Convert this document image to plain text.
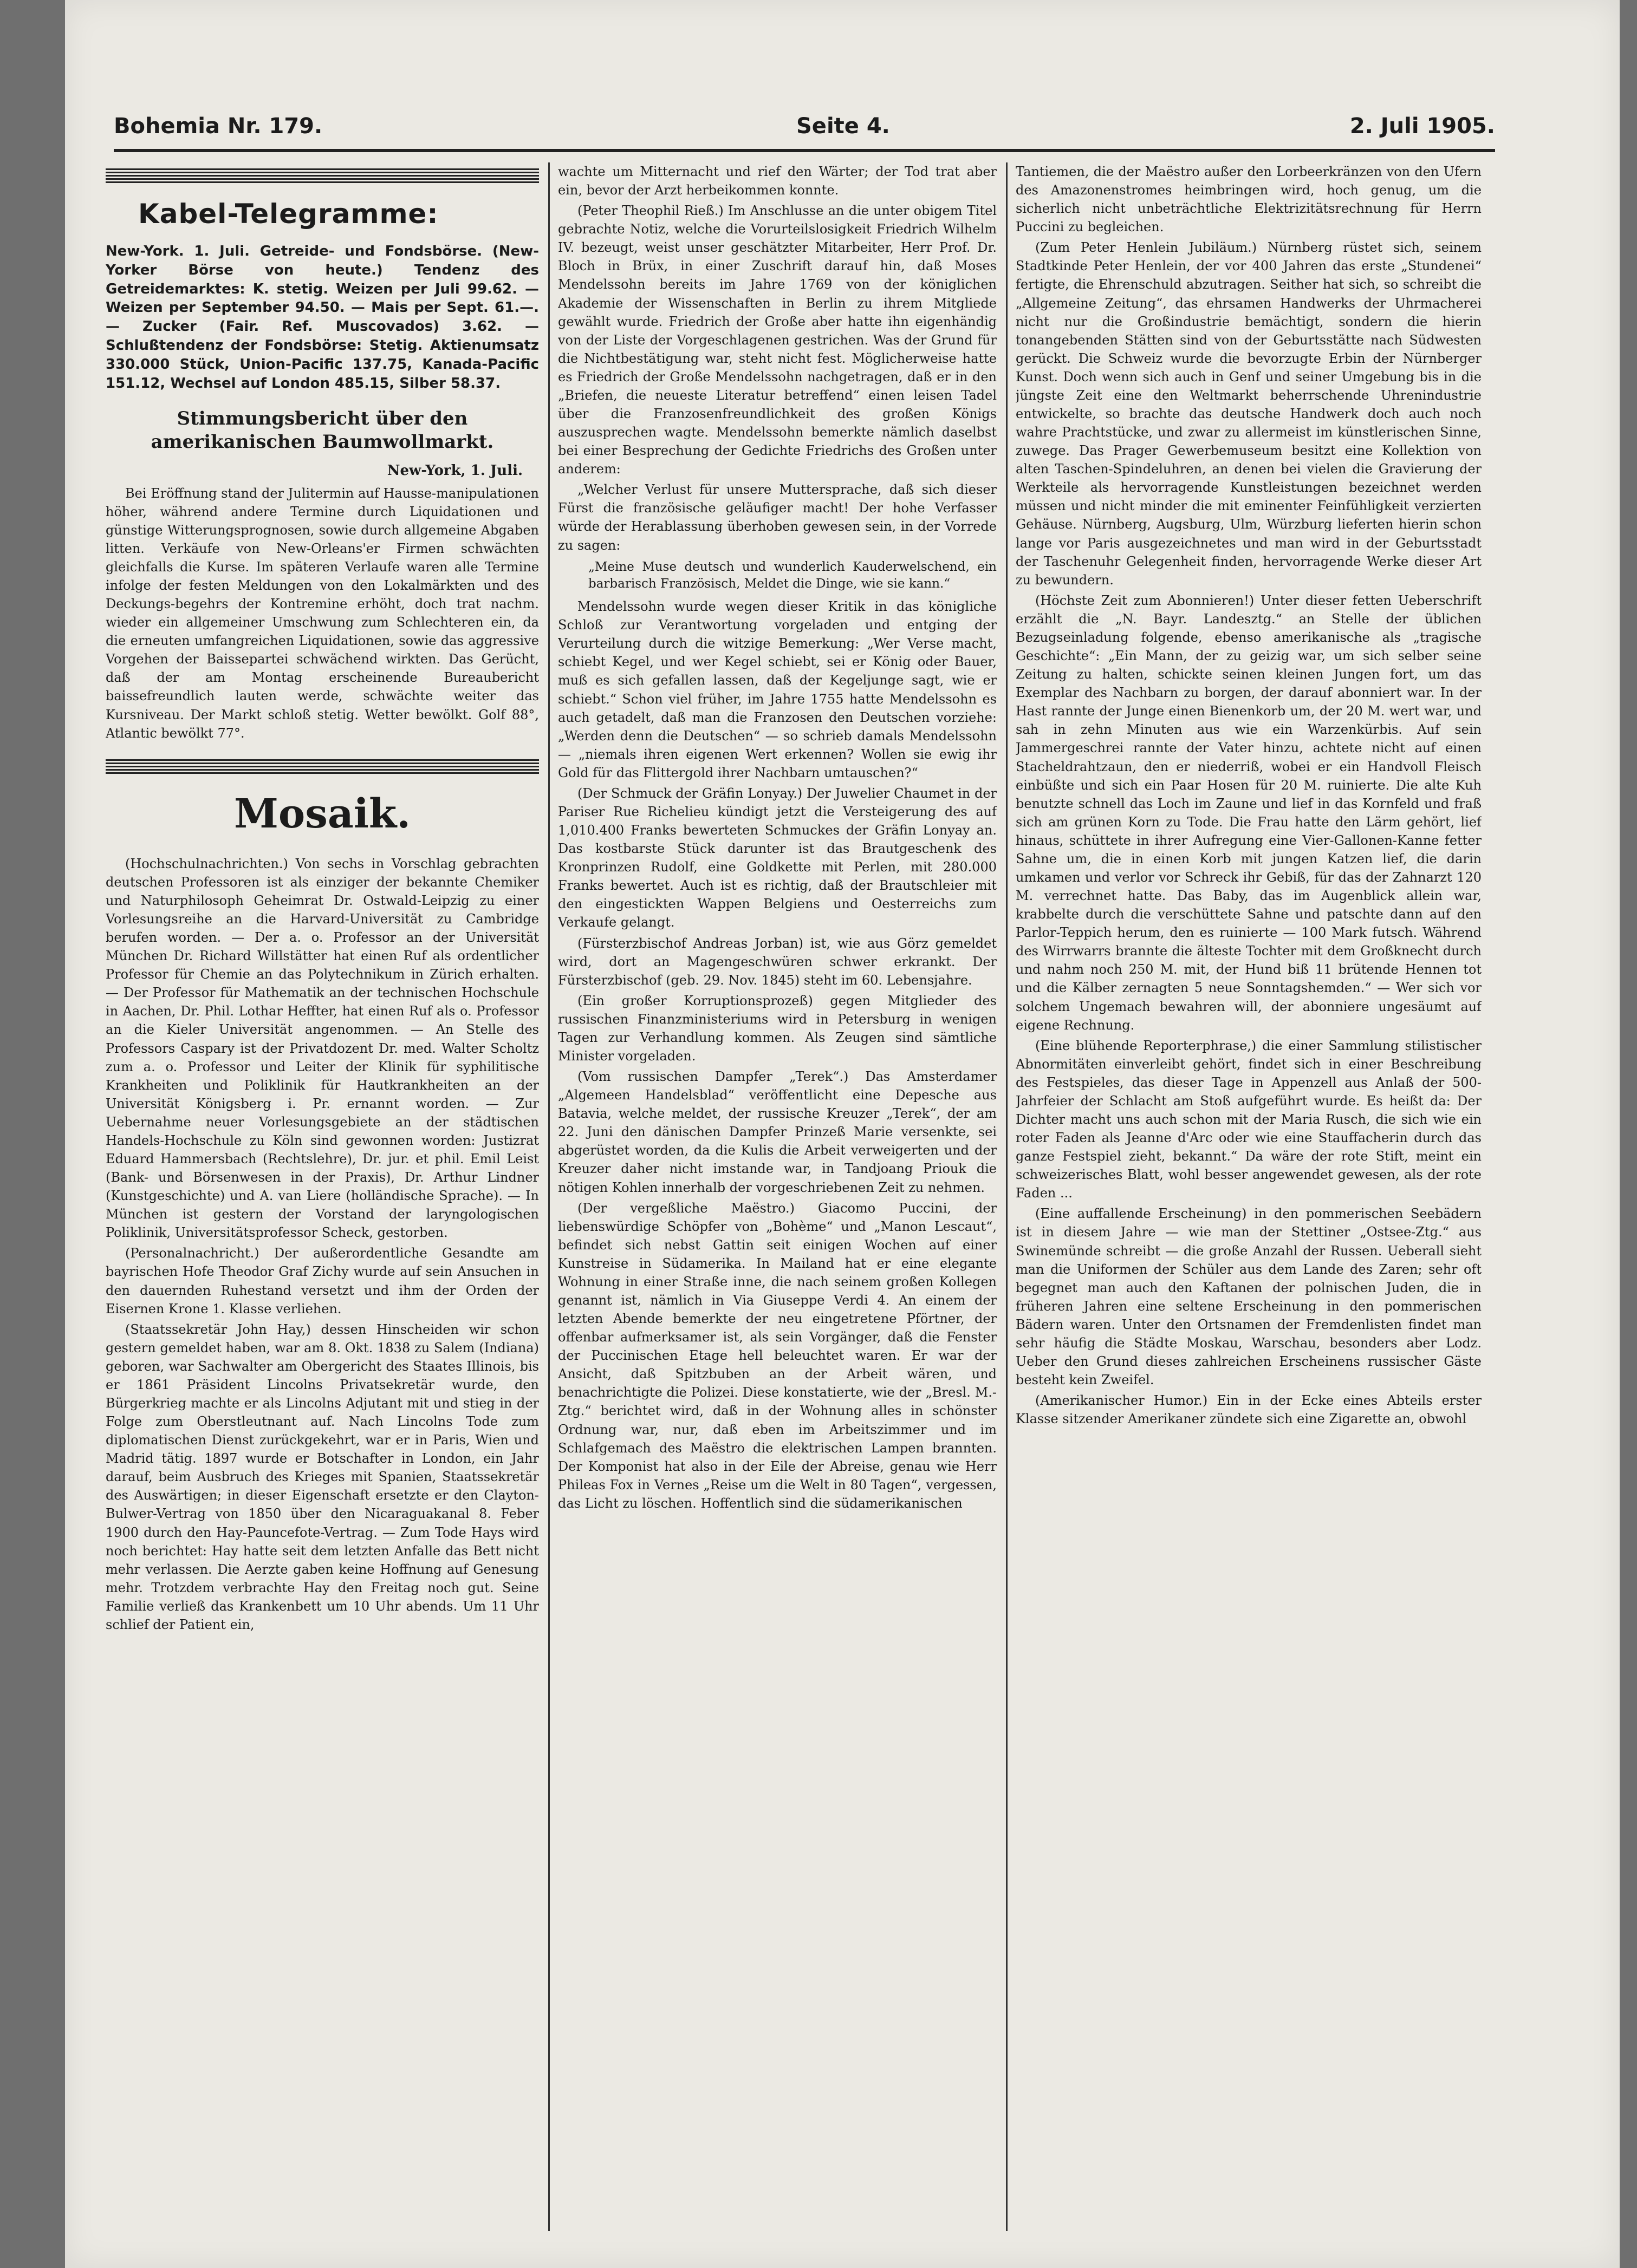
Bohemia Nr. 179.	Seite 4.	2. Juli 1905.
Kabel-Telegramme:
New-York. 1. Juli. Getreide- und Fondsbörse. (New-Yorker Börse von heute.) Tendenz des Getreidemarktes: K. stetig. Weizen per Juli 99.62. — Weizen per September 94.50. — Mais per Sept. 61.—. — Zucker (Fair. Ref. Muscovados) 3.62. — Schlußtendenz der Fondsbörse: Stetig. Aktienumsatz 330.000 Stück, Union-Pacific 137.75, Kanada-Pacific 151.12, Wechsel auf London 485.15, Silber 58.37.
Stimmungsbericht über den amerikanischen Baumwollmarkt.
New-York, 1. Juli.

Bei Eröffnung stand der Julitermin auf Hausse-manipulationen höher, während andere Termine durch Liquidationen und günstige Witterungsprognosen, sowie durch allgemeine Abgaben litten. Verkäufe von New-Orleans'er Firmen schwächten gleichfalls die Kurse. Im späteren Verlaufe waren alle Termine infolge der festen Meldungen von den Lokalmärkten und des Deckungs-begehrs der Kontremine erhöht, doch trat nachm. wieder ein allgemeiner Umschwung zum Schlechteren ein, da die erneuten umfangreichen Liquidationen, sowie das aggressive Vorgehen der Baissepartei schwächend wirkten. Das Gerücht, daß der am Montag erscheinende Bureaubericht baissefreundlich lauten werde, schwächte weiter das Kursniveau. Der Markt schloß stetig. Wetter bewölkt. Golf 88°, Atlantic bewölkt 77°.

Mosaik.

(Hochschulnachrichten.) Von sechs in Vorschlag gebrachten deutschen Professoren ist als einziger der bekannte Chemiker und Naturphilosoph Geheimrat Dr. Ostwald-Leipzig zu einer Vorlesungsreihe an die Harvard-Universität zu Cambridge berufen worden. — Der a. o. Professor an der Universität München Dr. Richard Willstätter hat einen Ruf als ordentlicher Professor für Chemie an das Polytechnikum in Zürich erhalten. — Der Professor für Mathematik an der technischen Hochschule in Aachen, Dr. Phil. Lothar Heffter, hat einen Ruf als o. Professor an die Kieler Universität angenommen. — An Stelle des Professors Caspary ist der Privatdozent Dr. med. Walter Scholtz zum a. o. Professor und Leiter der Klinik für syphilitische Krankheiten und Poliklinik für Hautkrankheiten an der Universität Königsberg i. Pr. ernannt worden. — Zur Uebernahme neuer Vorlesungsgebiete an der städtischen Handels-Hochschule zu Köln sind gewonnen worden: Justizrat Eduard Hammersbach (Rechtslehre), Dr. jur. et phil. Emil Leist (Bank- und Börsenwesen in der Praxis), Dr. Arthur Lindner (Kunstgeschichte) und A. van Liere (holländische Sprache). — In München ist gestern der Vorstand der laryngologischen Poliklinik, Universitätsprofessor Scheck, gestorben.

(Personalnachricht.) Der außerordentliche Gesandte am bayrischen Hofe Theodor Graf Zichy wurde auf sein Ansuchen in den dauernden Ruhestand versetzt und ihm der Orden der Eisernen Krone 1. Klasse verliehen.

(Staatssekretär John Hay,) dessen Hinscheiden wir schon gestern gemeldet haben, war am 8. Okt. 1838 zu Salem (Indiana) geboren, war Sachwalter am Obergericht des Staates Illinois, bis er 1861 Präsident Lincolns Privatsekretär wurde, den Bürgerkrieg machte er als Lincolns Adjutant mit und stieg in der Folge zum Oberstleutnant auf. Nach Lincolns Tode zum diplomatischen Dienst zurückgekehrt, war er in Paris, Wien und Madrid tätig. 1897 wurde er Botschafter in London, ein Jahr darauf, beim Ausbruch des Krieges mit Spanien, Staatssekretär des Auswärtigen; in dieser Eigenschaft ersetzte er den Clayton-Bulwer-Vertrag von 1850 über den Nicaraguakanal 8. Feber 1900 durch den Hay-Pauncefote-Vertrag. — Zum Tode Hays wird noch berichtet: Hay hatte seit dem letzten Anfalle das Bett nicht mehr verlassen. Die Aerzte gaben keine Hoffnung auf Genesung mehr. Trotzdem verbrachte Hay den Freitag noch gut. Seine Familie verließ das Krankenbett um 10 Uhr abends. Um 11 Uhr schlief der Patient ein,

wachte um Mitternacht und rief den Wärter; der Tod trat aber ein, bevor der Arzt herbeikommen konnte.

(Peter Theophil Rieß.) Im Anschlusse an die unter obigem Titel gebrachte Notiz, welche die Vorurteilslosigkeit Friedrich Wilhelm IV. bezeugt, weist unser geschätzter Mitarbeiter, Herr Prof. Dr. Bloch in Brüx, in einer Zuschrift darauf hin, daß Moses Mendelssohn bereits im Jahre 1769 von der königlichen Akademie der Wissenschaften in Berlin zu ihrem Mitgliede gewählt wurde. Friedrich der Große aber hatte ihn eigenhändig von der Liste der Vorgeschlagenen gestrichen. Was der Grund für die Nichtbestätigung war, steht nicht fest. Möglicherweise hatte es Friedrich der Große Mendelssohn nachgetragen, daß er in den „Briefen, die neueste Literatur betreffend“ einen leisen Tadel über die Franzosenfreundlichkeit des großen Königs auszusprechen wagte. Mendelssohn bemerkte nämlich daselbst bei einer Besprechung der Gedichte Friedrichs des Großen unter anderem:

„Welcher Verlust für unsere Muttersprache, daß sich dieser Fürst die französische geläufiger macht! Der hohe Verfasser würde der Herablassung überhoben gewesen sein, in der Vorrede zu sagen:

„Meine Muse deutsch und wunderlich Kauderwelschend, ein barbarisch Französisch, Meldet die Dinge, wie sie kann.“

Mendelssohn wurde wegen dieser Kritik in das königliche Schloß zur Verantwortung vorgeladen und entging der Verurteilung durch die witzige Bemerkung: „Wer Verse macht, schiebt Kegel, und wer Kegel schiebt, sei er König oder Bauer, muß es sich gefallen lassen, daß der Kegeljunge sagt, wie er schiebt.“ Schon viel früher, im Jahre 1755 hatte Mendelssohn es auch getadelt, daß man die Franzosen den Deutschen vorziehe: „Werden denn die Deutschen“ — so schrieb damals Mendelssohn — „niemals ihren eigenen Wert erkennen? Wollen sie ewig ihr Gold für das Flittergold ihrer Nachbarn umtauschen?“

(Der Schmuck der Gräfin Lonyay.) Der Juwelier Chaumet in der Pariser Rue Richelieu kündigt jetzt die Versteigerung des auf 1,010.400 Franks bewerteten Schmuckes der Gräfin Lonyay an. Das kostbarste Stück darunter ist das Brautgeschenk des Kronprinzen Rudolf, eine Goldkette mit Perlen, mit 280.000 Franks bewertet. Auch ist es richtig, daß der Brautschleier mit den eingestickten Wappen Belgiens und Oesterreichs zum Verkaufe gelangt.

(Fürsterzbischof Andreas Jorban) ist, wie aus Görz gemeldet wird, dort an Magengeschwüren schwer erkrankt. Der Fürsterzbischof (geb. 29. Nov. 1845) steht im 60. Lebensjahre.

(Ein großer Korruptionsprozeß) gegen Mitglieder des russischen Finanzministeriums wird in Petersburg in wenigen Tagen zur Verhandlung kommen. Als Zeugen sind sämtliche Minister vorgeladen.

(Vom russischen Dampfer „Terek“.) Das Amsterdamer „Algemeen Handelsblad“ veröffentlicht eine Depesche aus Batavia, welche meldet, der russische Kreuzer „Terek“, der am 22. Juni den dänischen Dampfer Prinzeß Marie versenkte, sei abgerüstet worden, da die Kulis die Arbeit verweigerten und der Kreuzer daher nicht imstande war, in Tandjoang Priouk die nötigen Kohlen innerhalb der vorgeschriebenen Zeit zu nehmen.

(Der vergeßliche Maëstro.) Giacomo Puccini, der liebenswürdige Schöpfer von „Bohème“ und „Manon Lescaut“, befindet sich nebst Gattin seit einigen Wochen auf einer Kunstreise in Südamerika. In Mailand hat er eine elegante Wohnung in einer Straße inne, die nach seinem großen Kollegen genannt ist, nämlich in Via Giuseppe Verdi 4. An einem der letzten Abende bemerkte der neu eingetretene Pförtner, der offenbar aufmerksamer ist, als sein Vorgänger, daß die Fenster der Puccinischen Etage hell beleuchtet waren. Er war der Ansicht, daß Spitzbuben an der Arbeit wären, und benachrichtigte die Polizei. Diese konstatierte, wie der „Bresl. M.-Ztg.“ berichtet wird, daß in der Wohnung alles in schönster Ordnung war, nur, daß eben im Arbeitszimmer und im Schlafgemach des Maëstro die elektrischen Lampen brannten. Der Komponist hat also in der Eile der Abreise, genau wie Herr Phileas Fox in Vernes „Reise um die Welt in 80 Tagen“, vergessen, das Licht zu löschen. Hoffentlich sind die südamerikanischen

Tantiemen, die der Maëstro außer den Lorbeerkränzen von den Ufern des Amazonenstromes heimbringen wird, hoch genug, um die sicherlich nicht unbeträchtliche Elektrizitätsrechnung für Herrn Puccini zu begleichen.

(Zum Peter Henlein Jubiläum.) Nürnberg rüstet sich, seinem Stadtkinde Peter Henlein, der vor 400 Jahren das erste „Stundenei“ fertigte, die Ehrenschuld abzutragen. Seither hat sich, so schreibt die „Allgemeine Zeitung“, das ehrsamen Handwerks der Uhrmacherei nicht nur die Großindustrie bemächtigt, sondern die hierin tonangebenden Stätten sind von der Geburtsstätte nach Südwesten gerückt. Die Schweiz wurde die bevorzugte Erbin der Nürnberger Kunst. Doch wenn sich auch in Genf und seiner Umgebung bis in die jüngste Zeit eine den Weltmarkt beherrschende Uhrenindustrie entwickelte, so brachte das deutsche Handwerk doch auch noch wahre Prachtstücke, und zwar zu allermeist im künstlerischen Sinne, zuwege. Das Prager Gewerbemuseum besitzt eine Kollektion von alten Taschen-Spindeluhren, an denen bei vielen die Gravierung der Werkteile als hervorragende Kunstleistungen bezeichnet werden müssen und nicht minder die mit eminenter Feinfühligkeit verzierten Gehäuse. Nürnberg, Augsburg, Ulm, Würzburg lieferten hierin schon lange vor Paris ausgezeichnetes und man wird in der Geburtsstadt der Taschenuhr Gelegenheit finden, hervorragende Werke dieser Art zu bewundern.

(Höchste Zeit zum Abonnieren!) Unter dieser fetten Ueberschrift erzählt die „N. Bayr. Landesztg.“ an Stelle der üblichen Bezugseinladung folgende, ebenso amerikanische als „tragische Geschichte“: „Ein Mann, der zu geizig war, um sich selber seine Zeitung zu halten, schickte seinen kleinen Jungen fort, um das Exemplar des Nachbarn zu borgen, der darauf abonniert war. In der Hast rannte der Junge einen Bienenkorb um, der 20 M. wert war, und sah in zehn Minuten aus wie ein Warzenkürbis. Auf sein Jammergeschrei rannte der Vater hinzu, achtete nicht auf einen Stacheldrahtzaun, den er niederriß, wobei er ein Handvoll Fleisch einbüßte und sich ein Paar Hosen für 20 M. ruinierte. Die alte Kuh benutzte schnell das Loch im Zaune und lief in das Kornfeld und fraß sich am grünen Korn zu Tode. Die Frau hatte den Lärm gehört, lief hinaus, schüttete in ihrer Aufregung eine Vier-Gallonen-Kanne fetter Sahne um, die in einen Korb mit jungen Katzen lief, die darin umkamen und verlor vor Schreck ihr Gebiß, für das der Zahnarzt 120 M. verrechnet hatte. Das Baby, das im Augenblick allein war, krabbelte durch die verschüttete Sahne und patschte dann auf den Parlor-Teppich herum, den es ruinierte — 100 Mark futsch. Während des Wirrwarrs brannte die älteste Tochter mit dem Großknecht durch und nahm noch 250 M. mit, der Hund biß 11 brütende Hennen tot und die Kälber zernagten 5 neue Sonntagshemden.“ — Wer sich vor solchem Ungemach bewahren will, der abonniere ungesäumt auf eigene Rechnung.

(Eine blühende Reporterphrase,) die einer Sammlung stilistischer Abnormitäten einverleibt gehört, findet sich in einer Beschreibung des Festspieles, das dieser Tage in Appenzell aus Anlaß der 500-Jahrfeier der Schlacht am Stoß aufgeführt wurde. Es heißt da: Der Dichter macht uns auch schon mit der Maria Rusch, die sich wie ein roter Faden als Jeanne d'Arc oder wie eine Stauffacherin durch das ganze Festspiel zieht, bekannt.“ Da wäre der rote Stift, meint ein schweizerisches Blatt, wohl besser angewendet gewesen, als der rote Faden ...

(Eine auffallende Erscheinung) in den pommerischen Seebädern ist in diesem Jahre — wie man der Stettiner „Ostsee-Ztg.“ aus Swinemünde schreibt — die große Anzahl der Russen. Ueberall sieht man die Uniformen der Schüler aus dem Lande des Zaren; sehr oft begegnet man auch den Kaftanen der polnischen Juden, die in früheren Jahren eine seltene Erscheinung in den pommerischen Bädern waren. Unter den Ortsnamen der Fremdenlisten findet man sehr häufig die Städte Moskau, Warschau, besonders aber Lodz. Ueber den Grund dieses zahlreichen Erscheinens russischer Gäste besteht kein Zweifel.

(Amerikanischer Humor.) Ein in der Ecke eines Abteils erster Klasse sitzender Amerikaner zündete sich eine Zigarette an, obwohl
